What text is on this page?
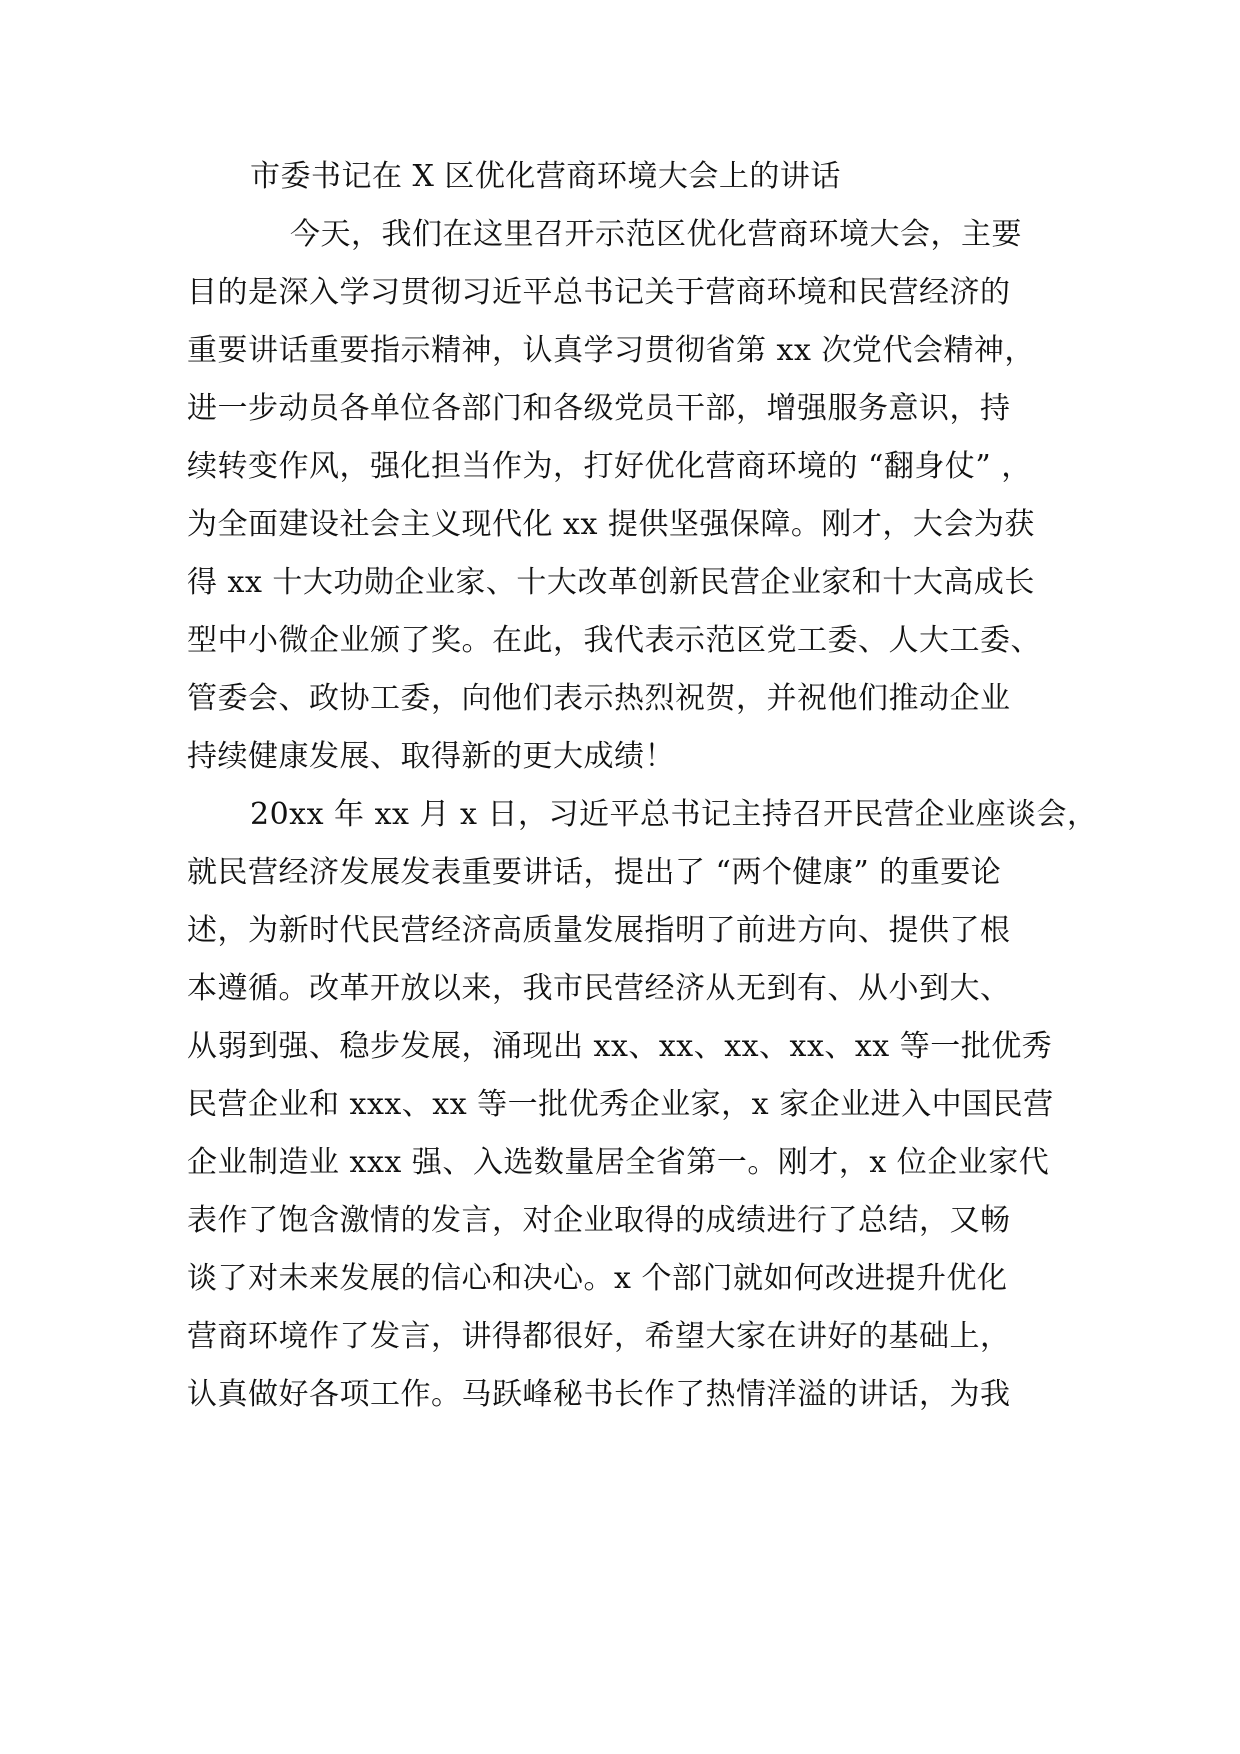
市委书记在 X 区优化营商环境大会上的讲话
今天，我们在这里召开示范区优化营商环境大会，主要
目的是深入学习贯彻习近平总书记关于营商环境和民营经济的
重要讲话重要指示精神，认真学习贯彻省第 xx 次党代会精神，
进一步动员各单位各部门和各级党员干部，增强服务意识，持
续转变作风，强化担当作为，打好优化营商环境的 “翻身仗” ，
为全面建设社会主义现代化 xx 提供坚强保障。刚才，大会为获
得 xx 十大功勋企业家、十大改革创新民营企业家和十大高成长
型中小微企业颁了奖。在此，我代表示范区党工委、人大工委、
管委会、政协工委，向他们表示热烈祝贺，并祝他们推动企业
持续健康发展、取得新的更大成绩！
20xx 年 xx 月 x 日，习近平总书记主持召开民营企业座谈会，
就民营经济发展发表重要讲话，提出了 “两个健康” 的重要论
述，为新时代民营经济高质量发展指明了前进方向、提供了根
本遵循。改革开放以来，我市民营经济从无到有、从小到大、
从弱到强、稳步发展，涌现出 xx、xx、xx、xx、xx 等一批优秀
民营企业和 xxx、xx 等一批优秀企业家，x 家企业进入中国民营
企业制造业 xxx 强、入选数量居全省第一。刚才，x 位企业家代
表作了饱含激情的发言，对企业取得的成绩进行了总结，又畅
谈了对未来发展的信心和决心。x 个部门就如何改进提升优化
营商环境作了发言，讲得都很好，希望大家在讲好的基础上，
认真做好各项工作。马跃峰秘书长作了热情洋溢的讲话，为我
